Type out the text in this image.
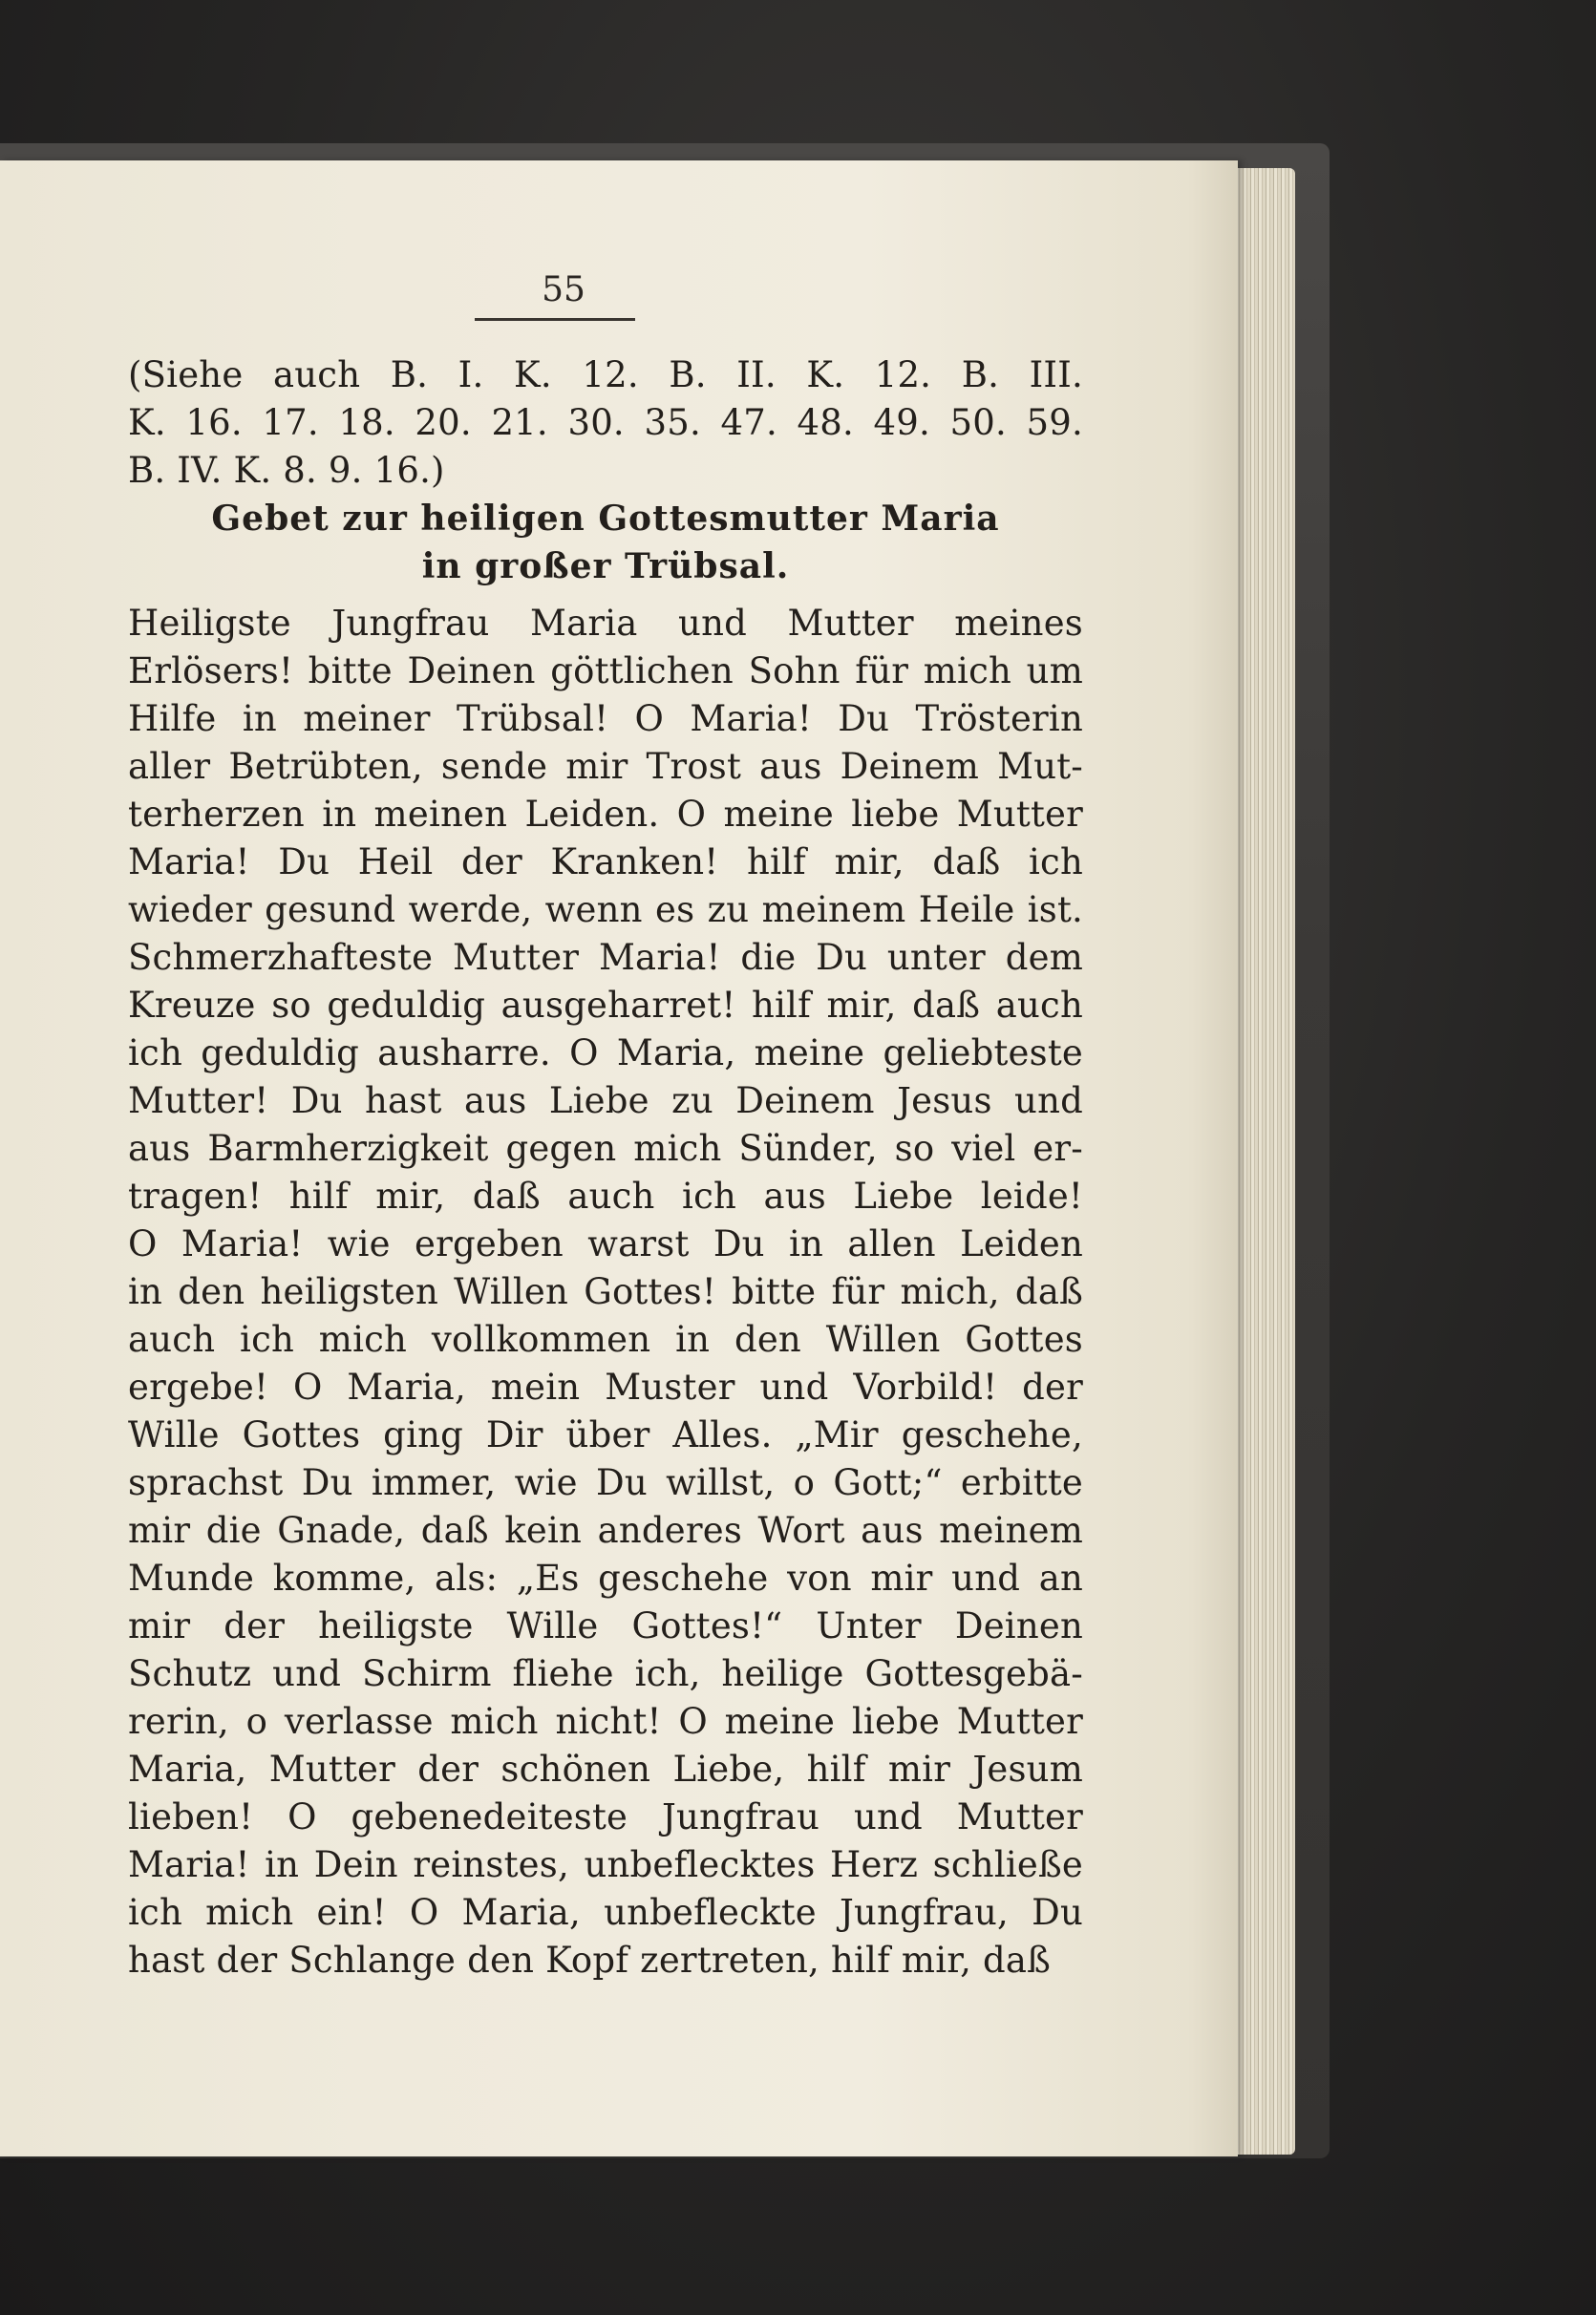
55
(Siehe auch B. I. K. 12. B. II. K. 12. B. III.
K. 16. 17. 18. 20. 21. 30. 35. 47. 48. 49. 50. 59.
B. IV. K. 8. 9. 16.)
Gebet zur heiligen Gottesmutter Maria
in großer Trübsal.
Heiligste Jungfrau Maria und Mutter meines
Erlösers! bitte Deinen göttlichen Sohn für mich um
Hilfe in meiner Trübsal! O Maria! Du Trösterin
aller Betrübten, sende mir Trost aus Deinem Mut-
terherzen in meinen Leiden. O meine liebe Mutter
Maria! Du Heil der Kranken! hilf mir, daß ich
wieder gesund werde, wenn es zu meinem Heile ist.
Schmerzhafteste Mutter Maria! die Du unter dem
Kreuze so geduldig ausgeharret! hilf mir, daß auch
ich geduldig ausharre. O Maria, meine geliebteste
Mutter! Du hast aus Liebe zu Deinem Jesus und
aus Barmherzigkeit gegen mich Sünder, so viel er-
tragen! hilf mir, daß auch ich aus Liebe leide!
O Maria! wie ergeben warst Du in allen Leiden
in den heiligsten Willen Gottes! bitte für mich, daß
auch ich mich vollkommen in den Willen Gottes
ergebe! O Maria, mein Muster und Vorbild! der
Wille Gottes ging Dir über Alles. „Mir geschehe,
sprachst Du immer, wie Du willst, o Gott;“ erbitte
mir die Gnade, daß kein anderes Wort aus meinem
Munde komme, als: „Es geschehe von mir und an
mir der heiligste Wille Gottes!“ Unter Deinen
Schutz und Schirm fliehe ich, heilige Gottesgebä-
rerin, o verlasse mich nicht! O meine liebe Mutter
Maria, Mutter der schönen Liebe, hilf mir Jesum
lieben! O gebenedeiteste Jungfrau und Mutter
Maria! in Dein reinstes, unbeflecktes Herz schließe
ich mich ein! O Maria, unbefleckte Jungfrau, Du
hast der Schlange den Kopf zertreten, hilf mir, daß
